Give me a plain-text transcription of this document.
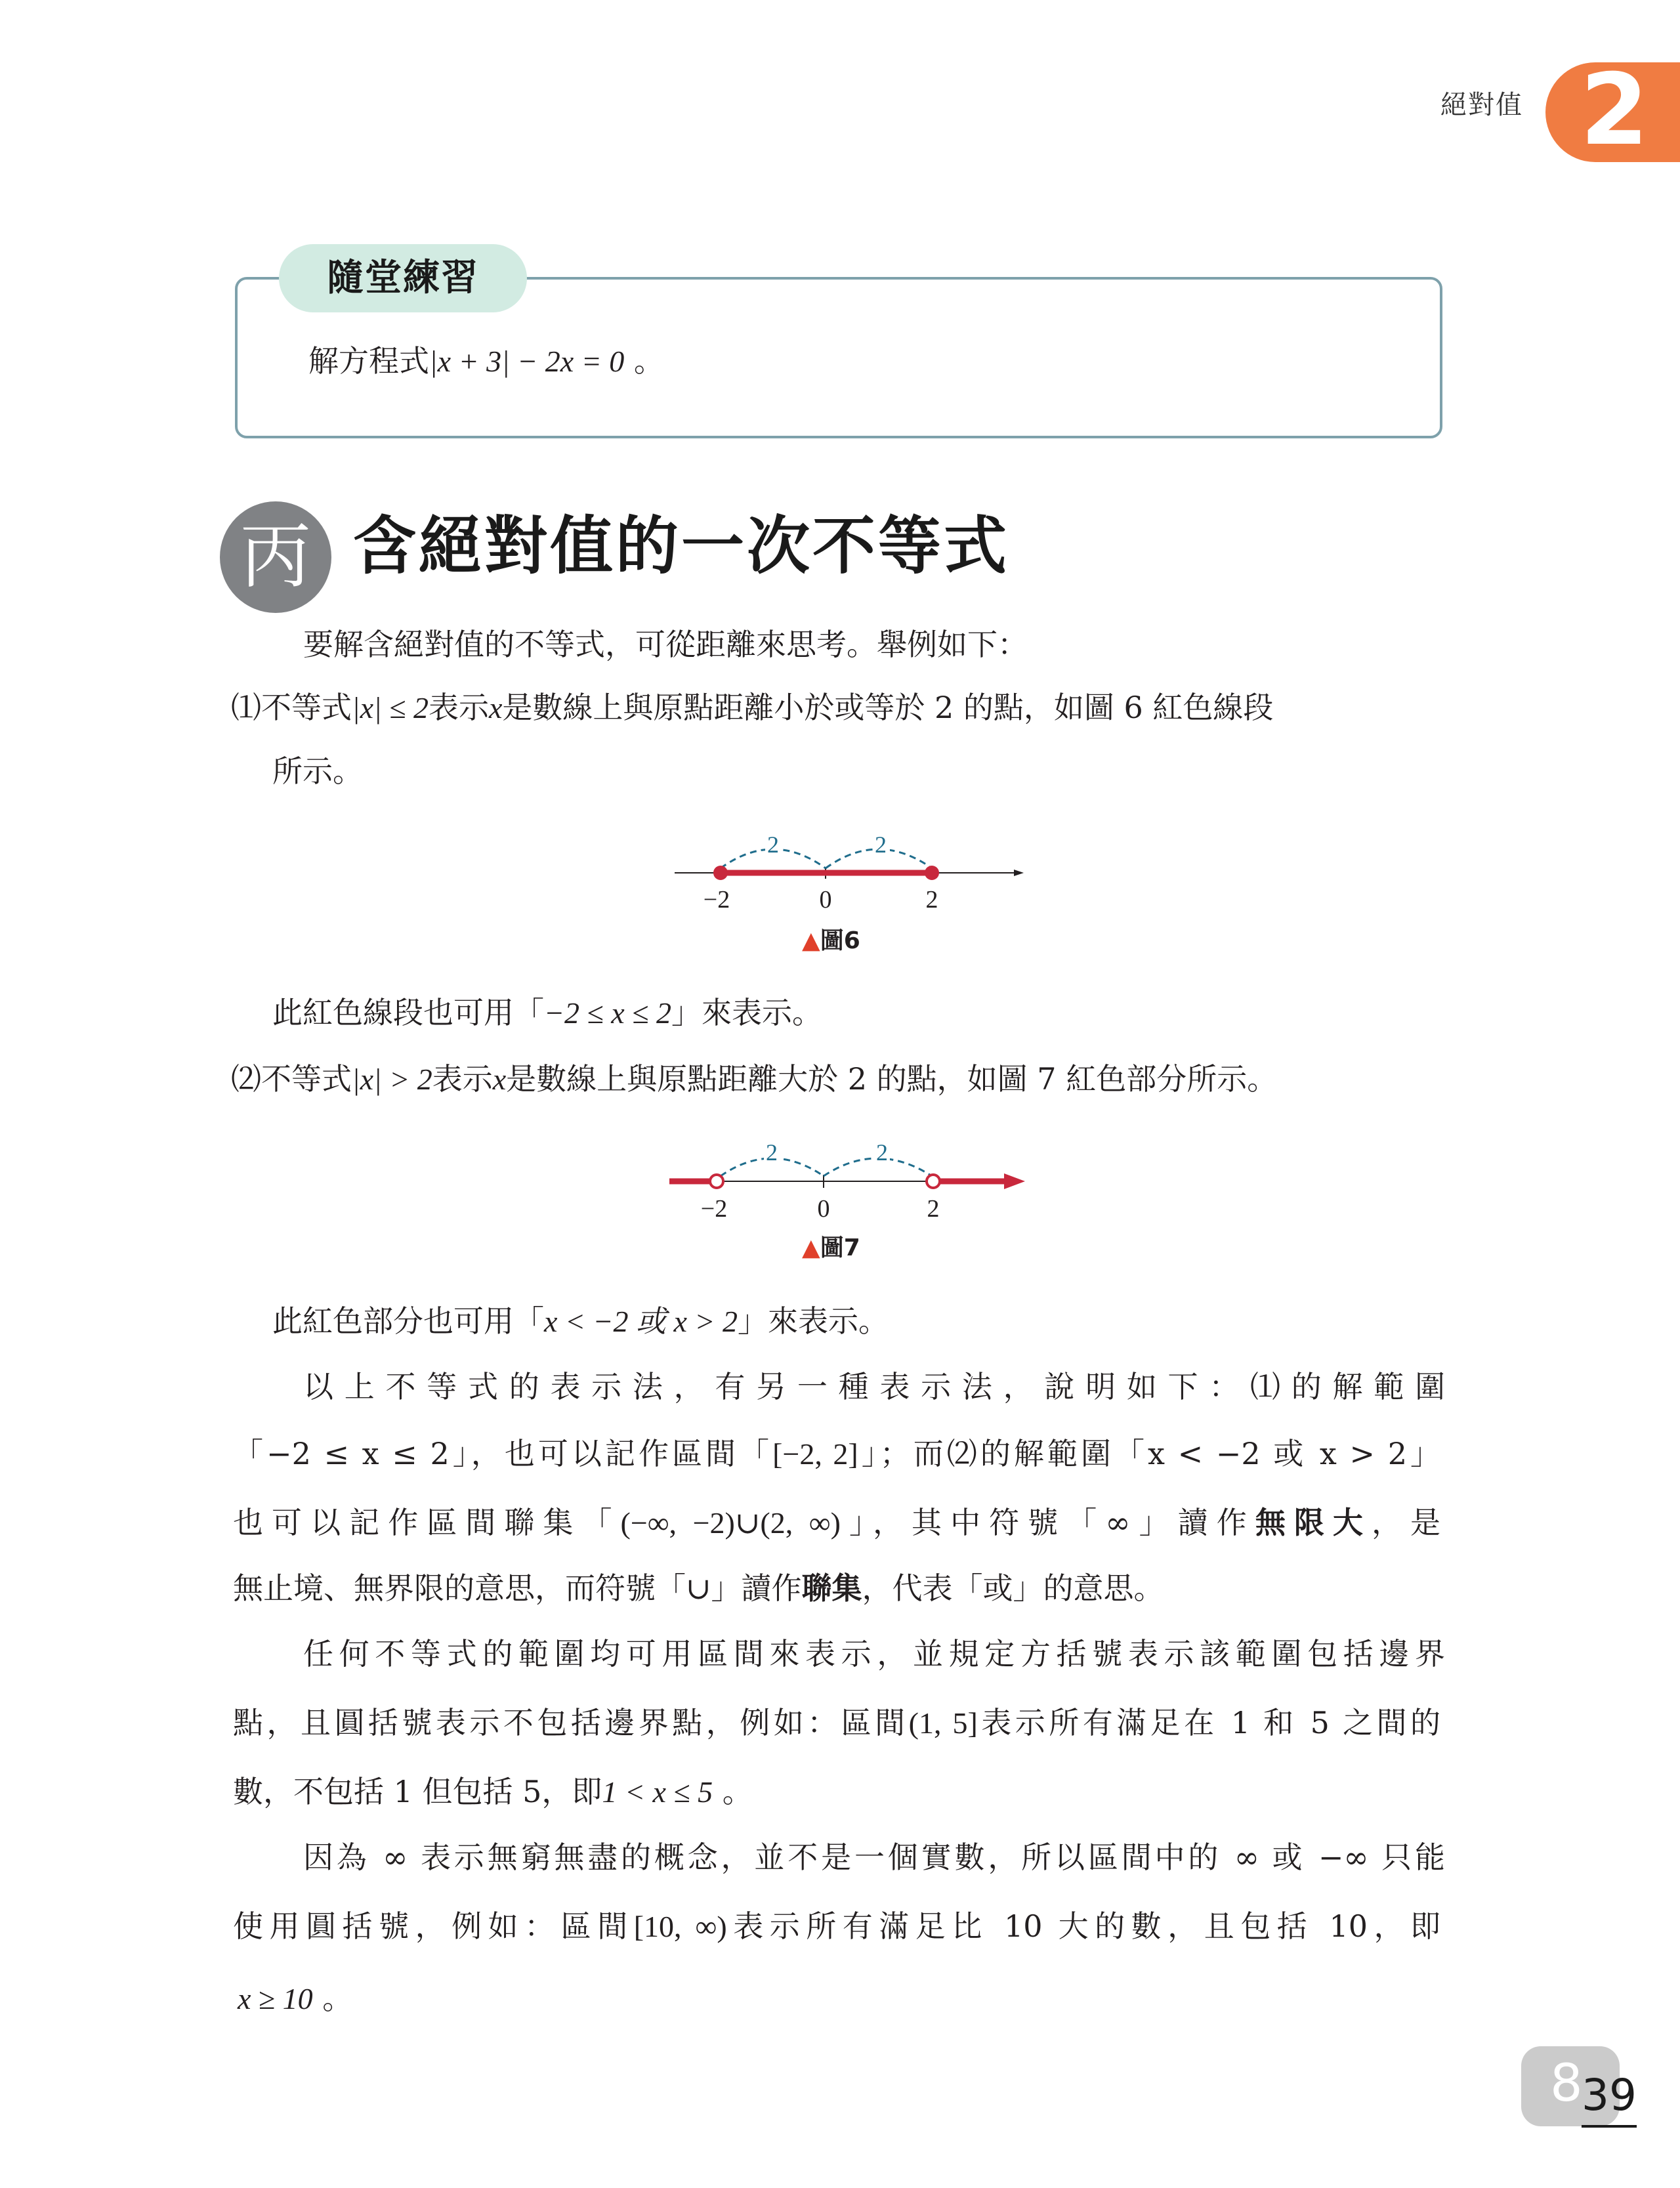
絕對值 2
隨堂練習
解方程式|x + 3| − 2x = 0 。
丙 含絕對值的一次不等式
要解含絕對值的不等式，可從距離來思考。舉例如下：
⑴不等式|x| ≤ 2表示x是數線上與原點距離小於或等於 2 的點，如圖 6 紅色線段
所示。
2	2
−2	0	2
▲圖6
此紅色線段也可用「−2 ≤ x ≤ 2」來表示。
⑵不等式|x| > 2表示x是數線上與原點距離大於 2 的點，如圖 7 紅色部分所示。
2	2
−2	0	2
▲圖7
此紅色部分也可用「x < −2 或 x > 2」來表示。
以上不等式的表示法，有另一種表示法，說明如下：⑴的解範圍
「−2 ≤ x ≤ 2」，也可以記作區間「[−2, 2]」；而⑵的解範圍「x < −2 或 x > 2」
也可以記作區間聯集「(−∞, −2)∪(2, ∞)」，其中符號「∞」讀作無限大，是
無止境、無界限的意思，而符號「∪」讀作聯集，代表「或」的意思。
任何不等式的範圍均可用區間來表示，並規定方括號表示該範圍包括邊界
點，且圓括號表示不包括邊界點，例如：區間(1, 5]表示所有滿足在 1 和 5 之間的
數，不包括 1 但包括 5，即1 < x ≤ 5 。
因為 ∞ 表示無窮無盡的概念，並不是一個實數，所以區間中的 ∞ 或 −∞ 只能
使用圓括號，例如：區間[10, ∞)表示所有滿足比 10 大的數，且包括 10，即
x ≥ 10 。
8
39
